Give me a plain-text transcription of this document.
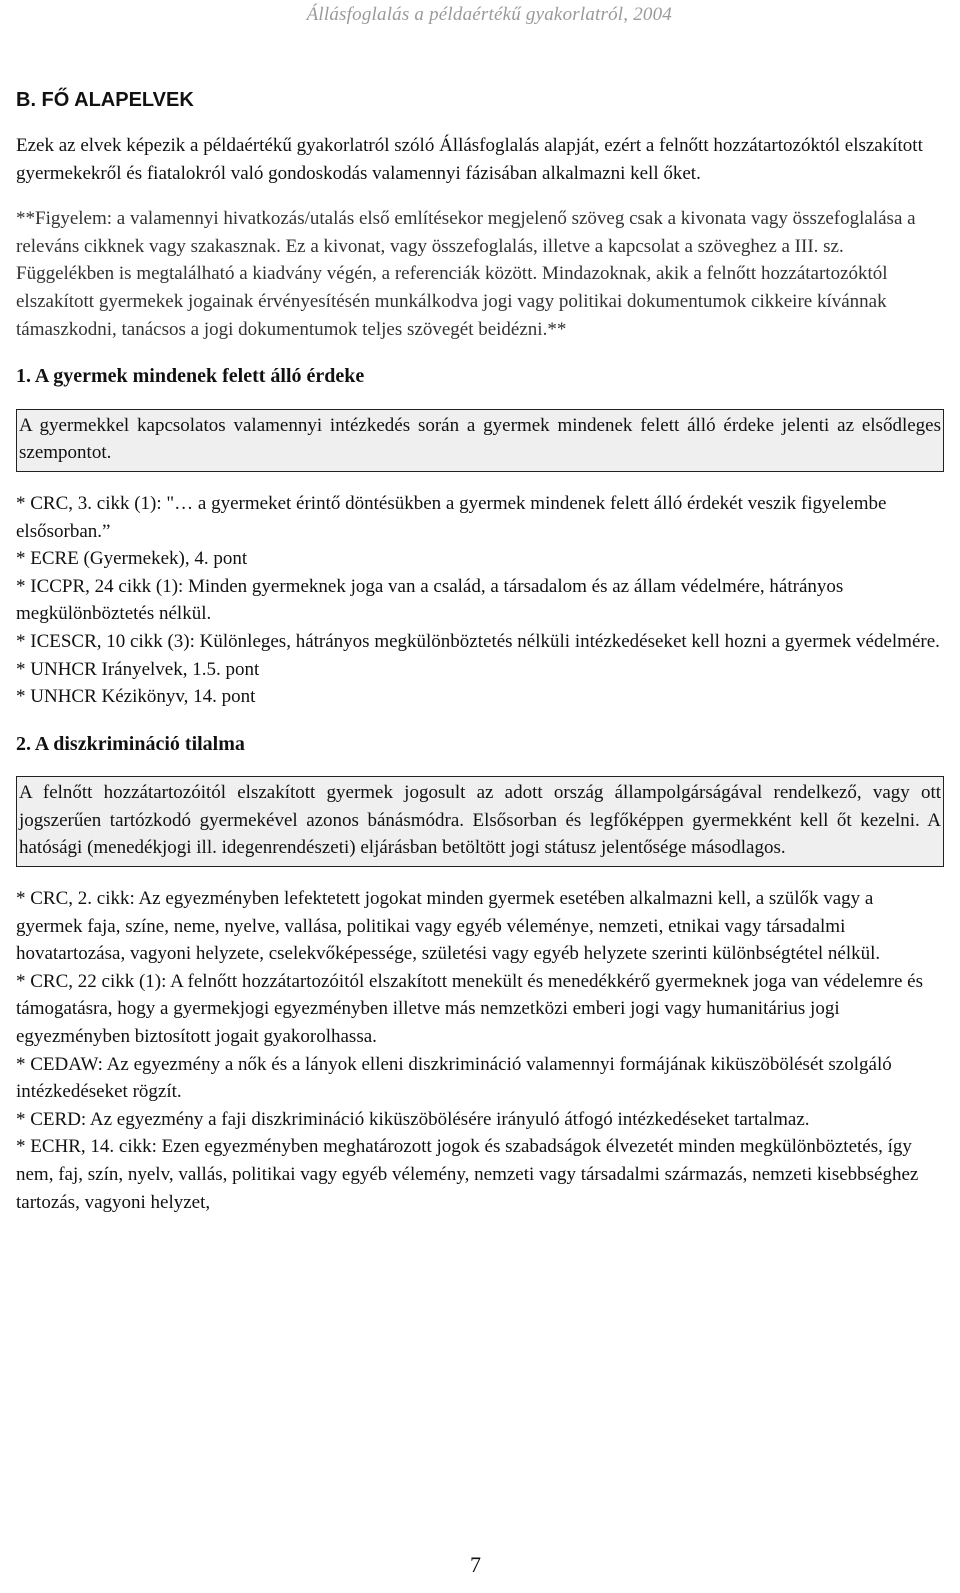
Állásfoglalás a példaértékű gyakorlatról, 2004
B. FŐ ALAPELVEK

Ezek az elvek képezik a példaértékű gyakorlatról szóló Állásfoglalás alapját, ezért a felnőtt hozzátartozóktól elszakított gyermekekről és fiatalokról való gondoskodás valamennyi fázisában alkalmazni kell őket.

**Figyelem: a valamennyi hivatkozás/utalás első említésekor megjelenő szöveg csak a kivonata vagy összefoglalása a releváns cikknek vagy szakasznak. Ez a kivonat, vagy összefoglalás, illetve a kapcsolat a szöveghez a III. sz. Függelékben is megtalálható a kiadvány végén, a referenciák között. Mindazoknak, akik a felnőtt hozzátartozóktól elszakított gyermekek jogainak érvényesítésén munkálkodva jogi vagy politikai dokumentumok cikkeire kívánnak támaszkodni, tanácsos a jogi dokumentumok teljes szövegét beidézni.**

1. A gyermek mindenek felett álló érdeke
A gyermekkel kapcsolatos valamennyi intézkedés során a gyermek mindenek felett álló érdeke jelenti az elsődleges szempontot.

* CRC, 3. cikk (1): "… a gyermeket érintő döntésükben a gyermek mindenek felett álló érdekét veszik figyelembe elsősorban.”

* ECRE (Gyermekek), 4. pont

* ICCPR, 24 cikk (1): Minden gyermeknek joga van a család, a társadalom és az állam védelmére, hátrányos megkülönböztetés nélkül.

* ICESCR, 10 cikk (3): Különleges, hátrányos megkülönböztetés nélküli intézkedéseket kell hozni a gyermek védelmére.

* UNHCR Irányelvek, 1.5. pont

* UNHCR Kézikönyv, 14. pont

2. A diszkrimináció tilalma
A felnőtt hozzátartozóitól elszakított gyermek jogosult az adott ország állampolgárságával rendelkező, vagy ott jogszerűen tartózkodó gyermekével azonos bánásmódra. Elsősorban és legfőképpen gyermekként kell őt kezelni. A hatósági (menedékjogi ill. idegenrendészeti) eljárásban betöltött jogi státusz jelentősége másodlagos.

* CRC, 2. cikk: Az egyezményben lefektetett jogokat minden gyermek esetében alkalmazni kell, a szülők vagy a gyermek faja, színe, neme, nyelve, vallása, politikai vagy egyéb véleménye, nemzeti, etnikai vagy társadalmi hovatartozása, vagyoni helyzete, cselekvőképessége, születési vagy egyéb helyzete szerinti különbségtétel nélkül.

* CRC, 22 cikk (1): A felnőtt hozzátartozóitól elszakított menekült és menedékkérő gyermeknek joga van védelemre és támogatásra, hogy a gyermekjogi egyezményben illetve más nemzetközi emberi jogi vagy humanitárius jogi egyezményben biztosított jogait gyakorolhassa.

* CEDAW: Az egyezmény a nők és a lányok elleni diszkrimináció valamennyi formájának kiküszöbölését szolgáló intézkedéseket rögzít.

* CERD: Az egyezmény a faji diszkrimináció kiküszöbölésére irányuló átfogó intézkedéseket tartalmaz.

* ECHR, 14. cikk: Ezen egyezményben meghatározott jogok és szabadságok élvezetét minden megkülönböztetés, így nem, faj, szín, nyelv, vallás, politikai vagy egyéb vélemény, nemzeti vagy társadalmi származás, nemzeti kisebbséghez tartozás, vagyoni helyzet,

7
